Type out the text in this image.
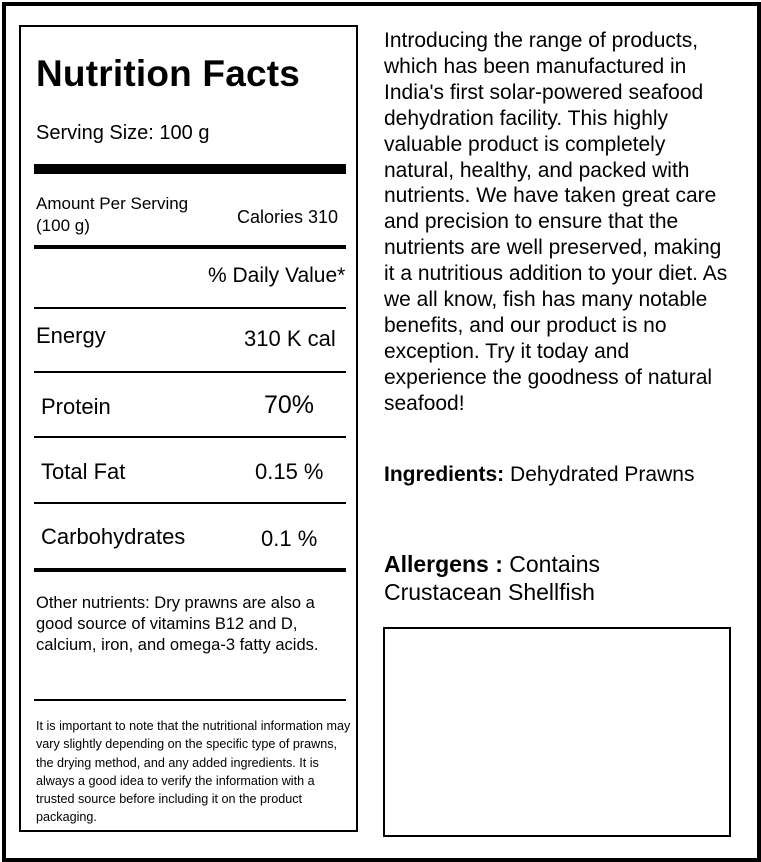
Nutrition Facts
Serving Size: 100 g
Amount Per Serving
(100 g)	Calories 310
% Daily Value*
Energy	310 K cal
Protein	70%
Total Fat	0.15 %
Carbohydrates	0.1 %

Other nutrients: Dry prawns are also a good source of vitamins B12 and D, calcium, iron, and omega-3 fatty acids.

It is important to note that the nutritional information may vary slightly depending on the specific type of prawns, the drying method, and any added ingredients. It is always a good idea to verify the information with a trusted source before including it on the product packaging.

Introducing the range of products, which has been manufactured in India's first solar-powered seafood dehydration facility. This highly valuable product is completely natural, healthy, and packed with nutrients. We have taken great care and precision to ensure that the nutrients are well preserved, making it a nutritious addition to your diet. As we all know, fish has many notable benefits, and our product is no exception. Try it today and experience the goodness of natural seafood!

Ingredients: Dehydrated Prawns
Allergens : Contains Crustacean Shellfish
